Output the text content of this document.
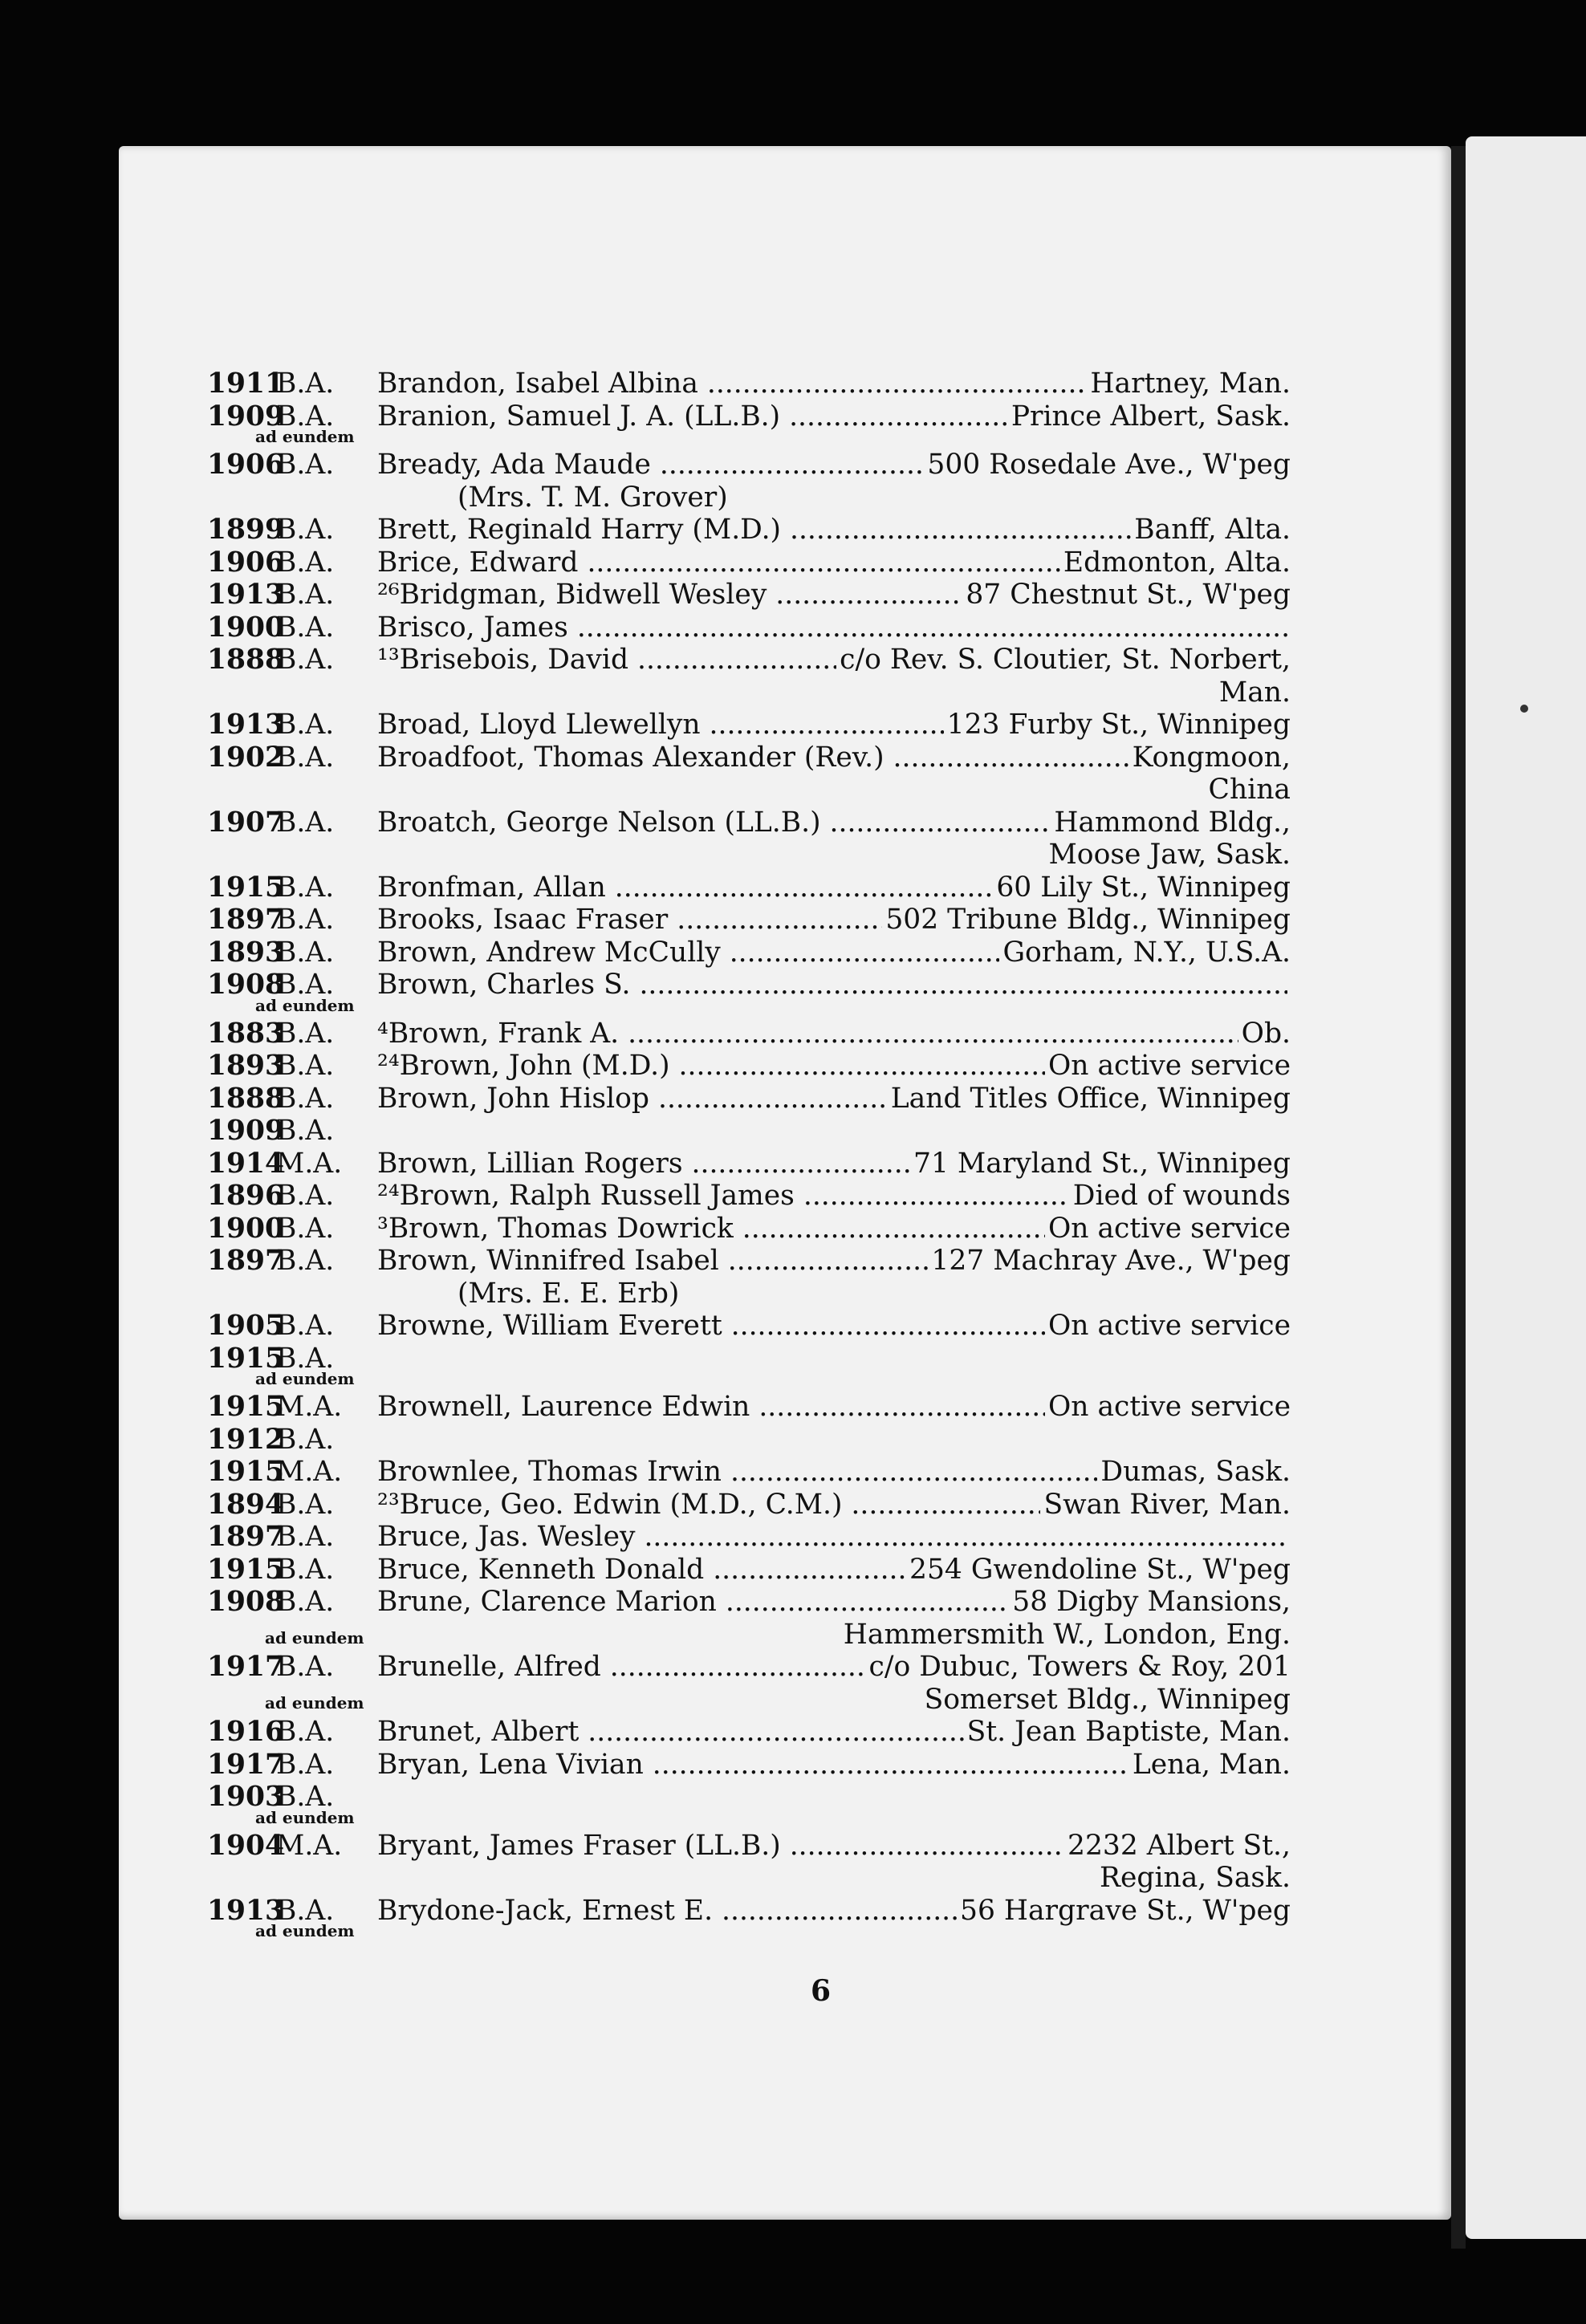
1911
B.A.	Brandon, Isabel Albina .....	Hartney, Man.
1909
B.A.	Branion, Samuel J. A. (LL.B.) .....	Prince Albert, Sask.
ad eundem
1906
B.A.	Bready, Ada Maude .....	500 Rosedale Ave., W'peg
(Mrs. T. M. Grover)
1899
B.A.	Brett, Reginald Harry (M.D.) .....	Banff, Alta.
1906
B.A.	Brice, Edward .....	Edmonton, Alta.
1913
B.A.	²⁶Bridgman, Bidwell Wesley .....	87 Chestnut St., W'peg
1900
B.A.	Brisco, James .....
1888
B.A.	¹³Brisebois, David .....	c/o Rev. S. Cloutier, St. Norbert,
Man.
1913
B.A.	Broad, Lloyd Llewellyn .....	123 Furby St., Winnipeg
1902
B.A.	Broadfoot, Thomas Alexander (Rev.) .....	Kongmoon,
China
1907
B.A.	Broatch, George Nelson (LL.B.) .....	Hammond Bldg.,
Moose Jaw, Sask.
1915
B.A.	Bronfman, Allan .....	60 Lily St., Winnipeg
1897
B.A.	Brooks, Isaac Fraser .....	502 Tribune Bldg., Winnipeg
1893
B.A.	Brown, Andrew McCully .....	Gorham, N.Y., U.S.A.
1908
B.A.	Brown, Charles S. .....
ad eundem
1883
B.A.	⁴Brown, Frank A. .....	Ob.
1893
B.A.	²⁴Brown, John (M.D.) .....	On active service
1888
B.A.	Brown, John Hislop .....	Land Titles Office, Winnipeg
1909
B.A.
1914
M.A.	Brown, Lillian Rogers .....	71 Maryland St., Winnipeg
1896
B.A.	²⁴Brown, Ralph Russell James .....	Died of wounds
1900
B.A.	³Brown, Thomas Dowrick .....	On active service
1897
B.A.	Brown, Winnifred Isabel .....	127 Machray Ave., W'peg
(Mrs. E. E. Erb)
1905
B.A.	Browne, William Everett .....	On active service
1915
B.A.
ad eundem
1915
M.A.	Brownell, Laurence Edwin .....	On active service
1912
B.A.
1915
M.A.	Brownlee, Thomas Irwin .....	Dumas, Sask.
1894
B.A.	²³Bruce, Geo. Edwin (M.D., C.M.) .....	Swan River, Man.
1897
B.A.	Bruce, Jas. Wesley .....
1915
B.A.	Bruce, Kenneth Donald .....	254 Gwendoline St., W'peg
1908
B.A.	Brune, Clarence Marion .....	58 Digby Mansions,
ad eundem	Hammersmith W., London, Eng.
1917
B.A.	Brunelle, Alfred .....	c/o Dubuc, Towers & Roy, 201
ad eundem	Somerset Bldg., Winnipeg
1916
B.A.	Brunet, Albert .....	St. Jean Baptiste, Man.
1917
B.A.	Bryan, Lena Vivian .....	Lena, Man.
1903
B.A.
ad eundem
1904
M.A.	Bryant, James Fraser (LL.B.) .....	2232 Albert St.,
Regina, Sask.
1913
B.A.	Brydone-Jack, Ernest E. .....	56 Hargrave St., W'peg
ad eundem
6
